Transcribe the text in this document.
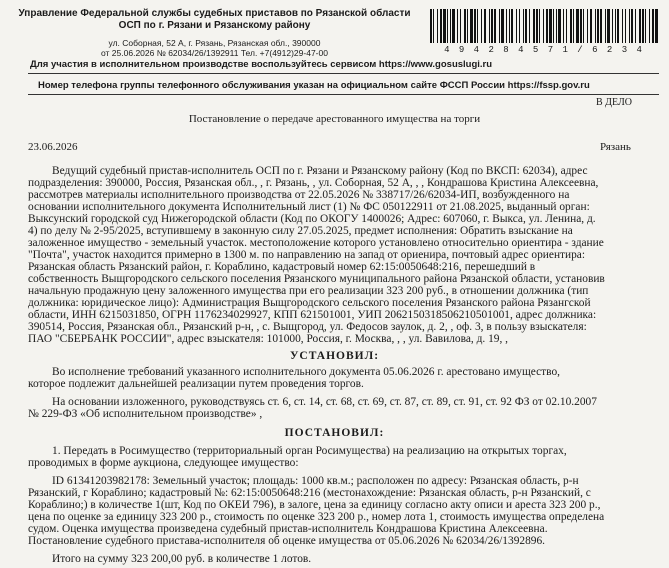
Управление Федеральной службы судебных приставов по Рязанской области
ОСП по г. Рязани и Рязанскому району
ул. Соборная, 52 А, г. Рязань, Рязанская обл., 390000
от 25.06.2026 № 62034/26/1392911 Тел. +7(4912)29-47-00	4 9 4 2 8 4 5 7 1 / 6 2 3 4
Для участия в исполнительном производстве воспользуйтесь сервисом https://www.gosuslugi.ru
Номер телефона группы телефонного обслуживания указан на официальном сайте ФССП России https://fssp.gov.ru
В ДЕЛО
Постановление о передаче арестованного имущества на торги
23.06.2026	Рязань
Ведущий судебный пристав-исполнитель ОСП по г. Рязани и Рязанскому району (Код по ВКСП: 62034), адрес
подразделения: 390000, Россия, Рязанская обл., , г. Рязань, , ул. Соборная, 52 А, , , Кондрашова Кристина Алексеевна,
рассмотрев материалы исполнительного производства от 22.05.2026 № 338717/26/62034-ИП, возбужденного на
основании исполнительного документа Исполнительный лист (1) № ФС 050122911 от 21.08.2025, выданный орган:
Выксунский городской суд Нижегородской области (Код по ОКОГУ 1400026; Адрес: 607060, г. Выкса, ул. Ленина, д.
4) по делу № 2-95/2025, вступившему в законную силу 27.05.2025, предмет исполнения: Обратить взыскание на
заложенное имущество - земельный участок. местоположение которого установлено относительно ориентира - здание
"Почта", участок находится примерно в 1300 м. по направлению на запад от ориенира, почтовый адрес ориентира:
Рязанская область Рязанский район, г. Кораблино, кадастровый номер 62:15:0050648:216, перешедший в
собственность Выщгородского сельского поселения Рязанского муниципального района Рязанской области, установив
начальную продажную цену заложенного имущества при его реализации 323 200 руб., в отношении должника (тип
должника: юридическое лицо): Администрация Выщгородского сельского поселения Рязанского района Рязангской
области, ИНН 6215031850, ОГРН 1176234029927, КПП 621501001, УИП 2062150318506210501001, адрес должника:
390514, Россия, Рязанская обл., Рязанский р-н, , с. Выщгород, ул. Федосов заулок, д. 2, , оф. 3, в пользу взыскателя:
ПАО "СБЕРБАНК РОССИИ", адрес взыскателя: 101000, Россия, г. Москва, , , ул. Вавилова, д. 19, ,
УСТАНОВИЛ:
Во исполнение требований указанного исполнительного документа 05.06.2026 г. арестовано имущество,
которое подлежит дальнейшей реализации путем проведения торгов.
На основании изложенного, руководствуясь ст. 6, ст. 14, ст. 68, ст. 69, ст. 87, ст. 89, ст. 91, ст. 92 ФЗ от 02.10.2007
№ 229-ФЗ «Об исполнительном производстве» ,
ПОСТАНОВИЛ:
1. Передать в Росимущество (территориальный орган Росимущества) на реализацию на открытых торгах,
проводимых в форме аукциона, следующее имущество:
ID 61341203982178: Земельный участок; площадь: 1000 кв.м.; расположен по адресу: Рязанская область, р-н
Рязанский, г Кораблино; кадастровый №: 62:15:0050648:216 (местонахождение: Рязанская область, р-н Рязанский, с
Кораблино;) в количестве 1(шт, Код по ОКЕИ 796), в залоге, цена за единицу согласно акту описи и ареста 323 200 р.,
цена по оценке за единицу 323 200 р., стоимость по оценке 323 200 р., номер лота 1, стоимость имущества определена
судом. Оценка имущества произведена судебный пристав-исполнитель Кондрашова Кристина Алексеевна.
Постановление судебного пристава-исполнителя об оценке имущества от 05.06.2026 № 62034/26/1392896.
Итого на сумму 323 200,00 руб. в количестве 1 лотов.
